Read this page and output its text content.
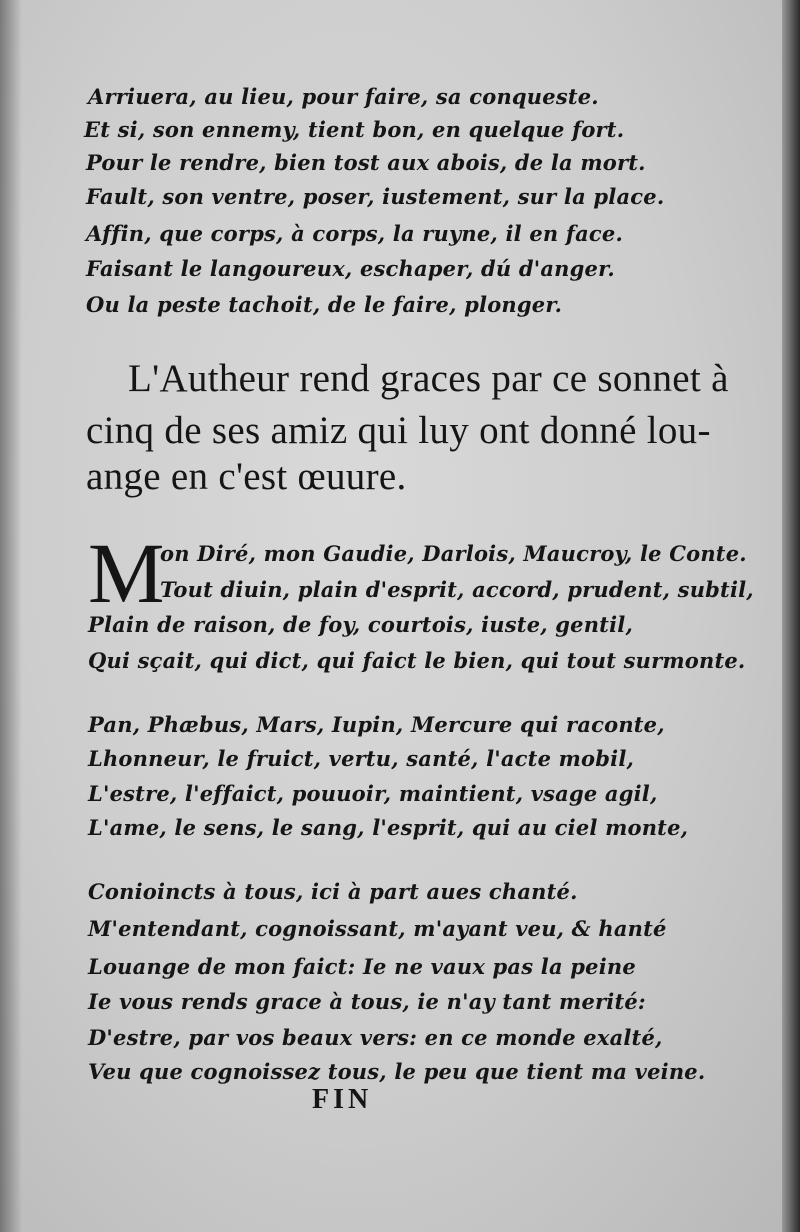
Arriuera, au lieu, pour faire, sa conqueste.
Et si, son ennemy, tient bon, en quelque fort.
Pour le rendre, bien tost aux abois, de la mort.
Fault, son ventre, poser, iustement, sur la place.
Affin, que corps, à corps, la ruyne, il en face.
Faisant le langoureux, eschaper, dú d'anger.
Ou la peste tachoit, de le faire, plonger.
L'Autheur rend graces par ce sonnet à
cinq de ses amiz qui luy ont donné lou-
ange en c'est œuure.
M
on Diré, mon Gaudie, Darlois, Maucroy, le Conte.
Tout diuin, plain d'esprit, accord, prudent, subtil,
Plain de raison, de foy, courtois, iuste, gentil,
Qui sçait, qui dict, qui faict le bien, qui tout surmonte.
Pan, Phæbus, Mars, Iupin, Mercure qui raconte,
Lhonneur, le fruict, vertu, santé, l'acte mobil,
L'estre, l'effaict, pouuoir, maintient, vsage agil,
L'ame, le sens, le sang, l'esprit, qui au ciel monte,
Conioincts à tous, ici à part aues chanté.
M'entendant, cognoissant, m'ayant veu, & hanté
Louange de mon faict: Ie ne vaux pas la peine
Ie vous rends grace à tous, ie n'ay tant merité:
D'estre, par vos beaux vers: en ce monde exalté,
Veu que cognoissez tous, le peu que tient ma veine.
FIN
